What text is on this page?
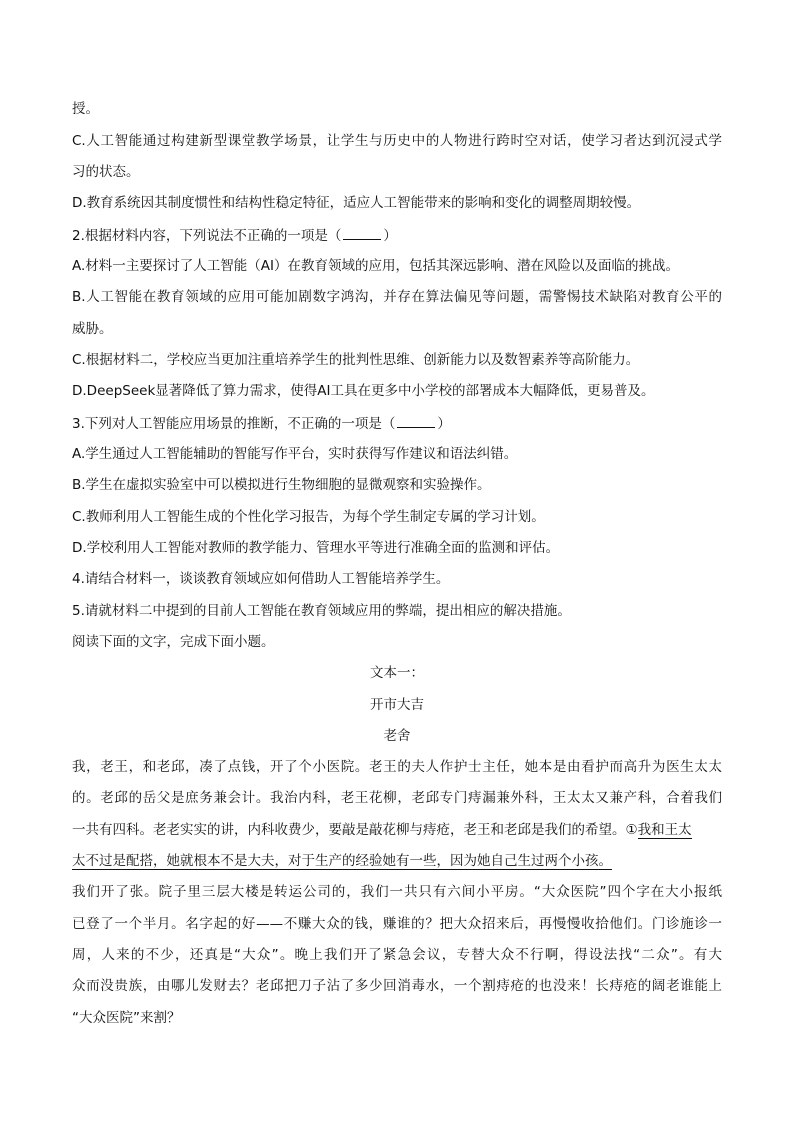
授。
C.人工智能通过构建新型课堂教学场景，让学生与历史中的人物进行跨时空对话，使学习者达到沉浸式学
习的状态。
D.教育系统因其制度惯性和结构性稳定特征，适应人工智能带来的影响和变化的调整周期较慢。
2.根据材料内容，下列说法不正确的一项是（	）
A.材料一主要探讨了人工智能（AI）在教育领域的应用，包括其深远影响、潜在风险以及面临的挑战。
B.人工智能在教育领域的应用可能加剧数字鸿沟，并存在算法偏见等问题，需警惕技术缺陷对教育公平的
威胁。
C.根据材料二，学校应当更加注重培养学生的批判性思维、创新能力以及数智素养等高阶能力。
D.DeepSeek显著降低了算力需求，使得AI工具在更多中小学校的部署成本大幅降低，更易普及。
3.下列对人工智能应用场景的推断，不正确的一项是（	）
A.学生通过人工智能辅助的智能写作平台，实时获得写作建议和语法纠错。
B.学生在虚拟实验室中可以模拟进行生物细胞的显微观察和实验操作。
C.教师利用人工智能生成的个性化学习报告，为每个学生制定专属的学习计划。
D.学校利用人工智能对教师的教学能力、管理水平等进行准确全面的监测和评估。
4.请结合材料一，谈谈教育领域应如何借助人工智能培养学生。
5.请就材料二中提到的目前人工智能在教育领域应用的弊端，提出相应的解决措施。
阅读下面的文字，完成下面小题。
文本一：
开市大吉
老舍
我，老王，和老邱，凑了点钱，开了个小医院。老王的夫人作护士主任，她本是由看护而高升为医生太太
的。老邱的岳父是庶务兼会计。我治内科，老王花柳，老邱专门痔漏兼外科，王太太又兼产科，合着我们
一共有四科。老老实实的讲，内科收费少，要敲是敲花柳与痔疮，老王和老邱是我们的希望。①我和王太
太不过是配搭，她就根本不是大夫，对于生产的经验她有一些，因为她自己生过两个小孩。
我们开了张。院子里三层大楼是转运公司的，我们一共只有六间小平房。“大众医院”四个字在大小报纸
已登了一个半月。名字起的好——不赚大众的钱，赚谁的？把大众招来后，再慢慢收拾他们。门诊施诊一
周，人来的不少，还真是“大众”。晚上我们开了紧急会议，专替大众不行啊，得设法找“二众”。有大
众而没贵族，由哪儿发财去？老邱把刀子沾了多少回消毒水，一个割痔疮的也没来！长痔疮的阔老谁能上
“大众医院”来割？
